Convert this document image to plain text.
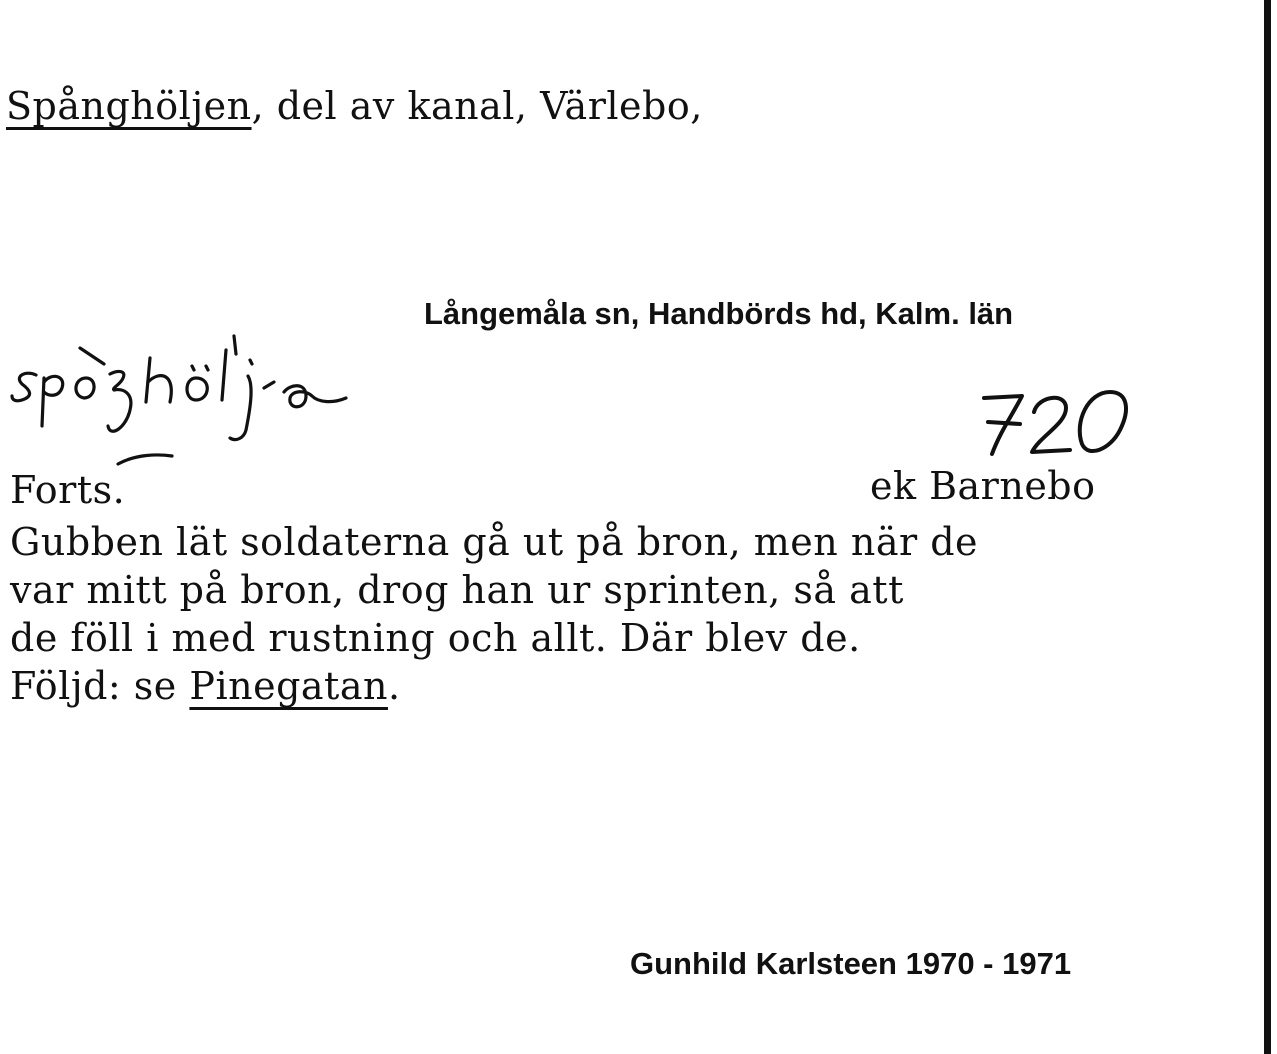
Spånghöljen, del av kanal, Värlebo,
Långemåla sn, Handbörds hd, Kalm. län
Forts.	ek Barnebo
Gubben lät soldaterna gå ut på bron, men när de
var mitt på bron, drog han ur sprinten, så att
de föll i med rustning och allt. Där blev de.
Följd: se Pinegatan.
Gunhild Karlsteen 1970 - 1971
